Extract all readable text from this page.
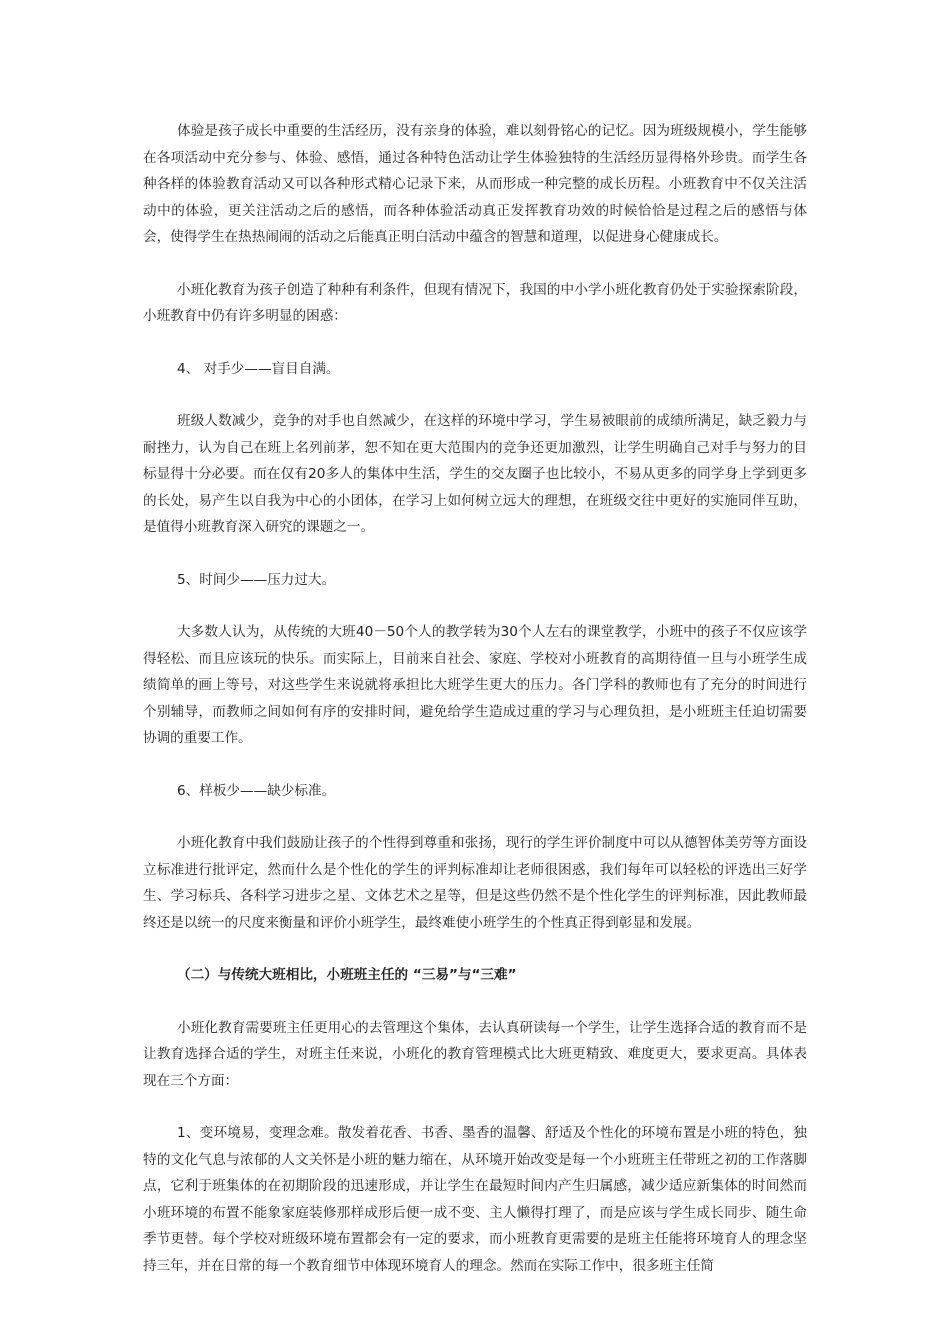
体验是孩子成长中重要的生活经历，没有亲身的体验，难以刻骨铭心的记忆。因为班级规模小，学生能够在各项活动中充分参与、体验、感悟，通过各种特色活动让学生体验独特的生活经历显得格外珍贵。而学生各种各样的体验教育活动又可以各种形式精心记录下来，从而形成一种完整的成长历程。小班教育中不仅关注活动中的体验，更关注活动之后的感悟，而各种体验活动真正发挥教育功效的时候恰恰是过程之后的感悟与体会，使得学生在热热闹闹的活动之后能真正明白活动中蕴含的智慧和道理，以促进身心健康成长。

小班化教育为孩子创造了种种有利条件，但现有情况下，我国的中小学小班化教育仍处于实验探索阶段，小班教育中仍有许多明显的困惑：

4、 对手少——盲目自满。

班级人数减少，竞争的对手也自然减少，在这样的环境中学习，学生易被眼前的成绩所满足，缺乏毅力与耐挫力，认为自己在班上名列前茅，恕不知在更大范围内的竞争还更加激烈，让学生明确自己对手与努力的目标显得十分必要。而在仅有20多人的集体中生活，学生的交友圈子也比较小，不易从更多的同学身上学到更多的长处，易产生以自我为中心的小团体，在学习上如何树立远大的理想，在班级交往中更好的实施同伴互助，是值得小班教育深入研究的课题之一。

5、时间少——压力过大。

大多数人认为，从传统的大班40－50个人的教学转为30个人左右的课堂教学，小班中的孩子不仅应该学得轻松、而且应该玩的快乐。而实际上，目前来自社会、家庭、学校对小班教育的高期待值一旦与小班学生成绩简单的画上等号，对这些学生来说就将承担比大班学生更大的压力。各门学科的教师也有了充分的时间进行个别辅导，而教师之间如何有序的安排时间，避免给学生造成过重的学习与心理负担，是小班班主任迫切需要协调的重要工作。

6、样板少——缺少标准。

小班化教育中我们鼓励让孩子的个性得到尊重和张扬，现行的学生评价制度中可以从德智体美劳等方面设立标准进行批评定，然而什么是个性化的学生的评判标准却让老师很困惑，我们每年可以轻松的评选出三好学生、学习标兵、各科学习进步之星、文体艺术之星等，但是这些仍然不是个性化学生的评判标准，因此教师最终还是以统一的尺度来衡量和评价小班学生，最终难使小班学生的个性真正得到彰显和发展。

（二）与传统大班相比，小班班主任的 “三易”与“三难”

小班化教育需要班主任更用心的去管理这个集体，去认真研读每一个学生，让学生选择合适的教育而不是让教育选择合适的学生，对班主任来说，小班化的教育管理模式比大班更精致、难度更大，要求更高。具体表现在三个方面：

1、变环境易，变理念难。散发着花香、书香、墨香的温馨、舒适及个性化的环境布置是小班的特色，独特的文化气息与浓郁的人文关怀是小班的魅力缩在，从环境开始改变是每一个小班班主任带班之初的工作落脚点，它利于班集体的在初期阶段的迅速形成，并让学生在最短时间内产生归属感，减少适应新集体的时间然而小班环境的布置不能象家庭装修那样成形后便一成不变、主人懒得打理了，而是应该与学生成长同步、随生命季节更替。每个学校对班级环境布置都会有一定的要求，而小班教育更需要的是班主任能将环境育人的理念坚持三年，并在日常的每一个教育细节中体现环境育人的理念。然而在实际工作中，很多班主任简
